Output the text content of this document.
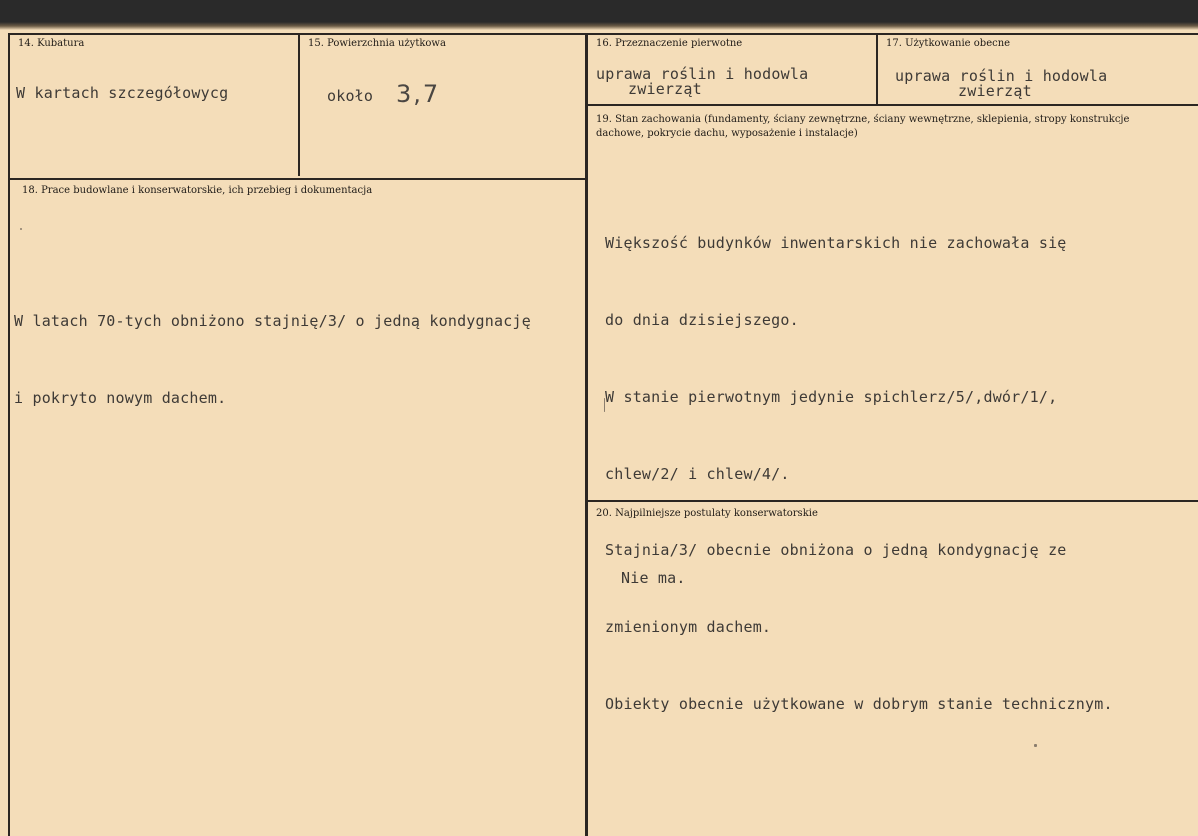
14. Kubatura
W kartach szczegółowycg
15. Powierzchnia użytkowa
około 3,7
16. Przeznaczenie pierwotne
uprawa roślin i hodowla
zwierząt
17. Użytkowanie obecne
uprawa roślin i hodowla
zwierząt
19. Stan zachowania (fundamenty, ściany zewnętrzne, ściany wewnętrzne, sklepienia, stropy konstrukcje dachowe, pokrycie dachu, wyposażenie i instalacje)

Większość budynków inwentarskich nie zachowała się

do dnia dzisiejszego.

W stanie pierwotnym jedynie spichlerz/5/,dwór/1/,

chlew/2/ i chlew/4/.

Stajnia/3/ obecnie obniżona o jedną kondygnację ze

zmienionym dachem.

Obiekty obecnie użytkowane w dobrym stanie technicznym.

18. Prace budowlane i konserwatorskie, ich przebieg i dokumentacja

W latach 70-tych obniżono stajnię/3/ o jedną kondygnację

i pokryto nowym dachem.

20. Najpilniejsze postulaty konserwatorskie
Nie ma.
